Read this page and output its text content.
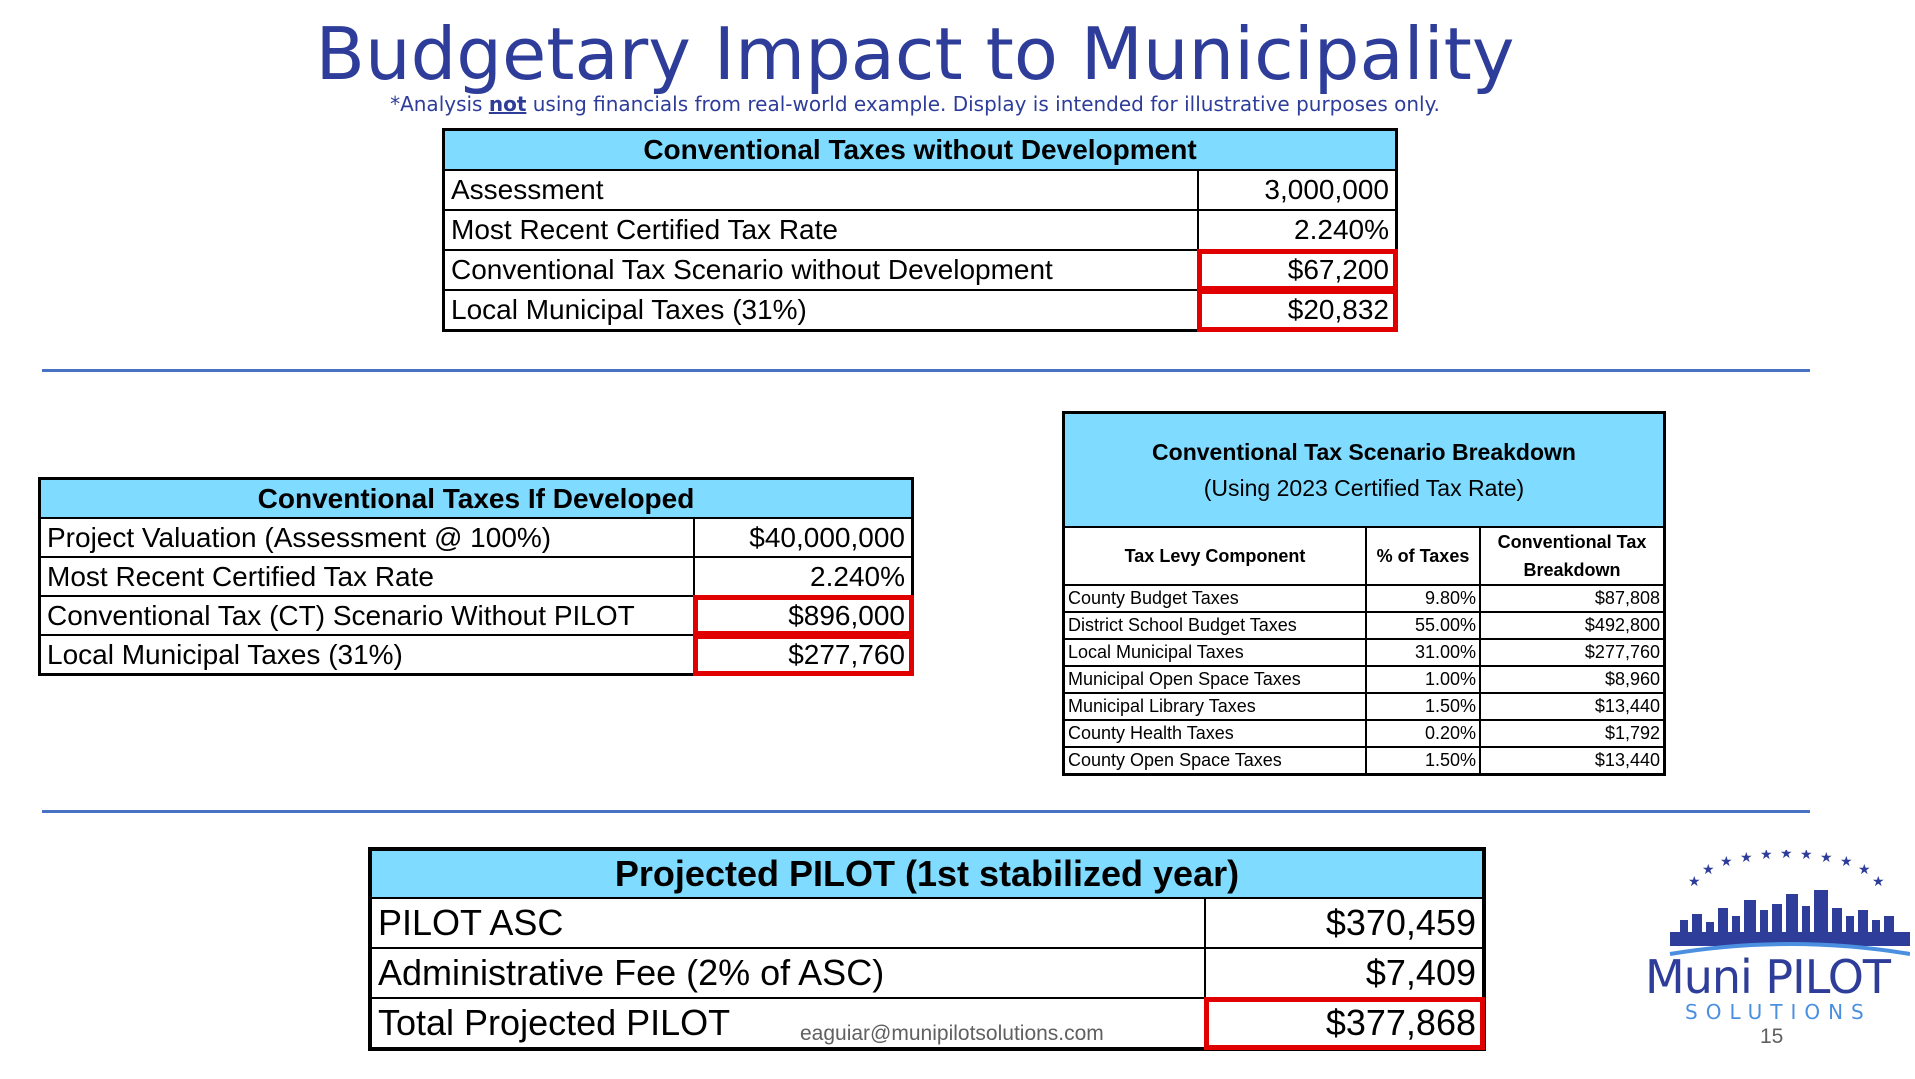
Budgetary Impact to Municipality
*Analysis not using financials from real-world example. Display is intended for illustrative purposes only.
Conventional Taxes without Development	
Assessment	3,000,000
Most Recent Certified Tax Rate	2.240%
Conventional Tax Scenario without Development	$67,200
Local Municipal Taxes (31%)	$20,832
Conventional Taxes If Developed	
Project Valuation (Assessment @ 100%)	$40,000,000
Most Recent Certified Tax Rate	2.240%
Conventional Tax (CT) Scenario Without PILOT	$896,000
Local Municipal Taxes (31%)	$277,760
Conventional Tax Scenario Breakdown
(Using 2023 Certified Tax Rate)		

Tax Levy Component	% of Taxes	Conventional Tax Breakdown
County Budget Taxes	9.80%	$87,808
District School Budget Taxes	55.00%	$492,800
Local Municipal Taxes	31.00%	$277,760
Municipal Open Space Taxes	1.00%	$8,960
Municipal Library Taxes	1.50%	$13,440
County Health Taxes	0.20%	$1,792
County Open Space Taxes	1.50%	$13,440
Projected PILOT (1st stabilized year)	
PILOT ASC	$370,459
Administrative Fee (2% of ASC)	$7,409
Total Projected PILOT	$377,868
eaguiar@munipilotsolutions.com	15
★ ★ ★ ★ ★ ★ ★
★	★
★	★
Muni PILOT
SOLUTIONS
